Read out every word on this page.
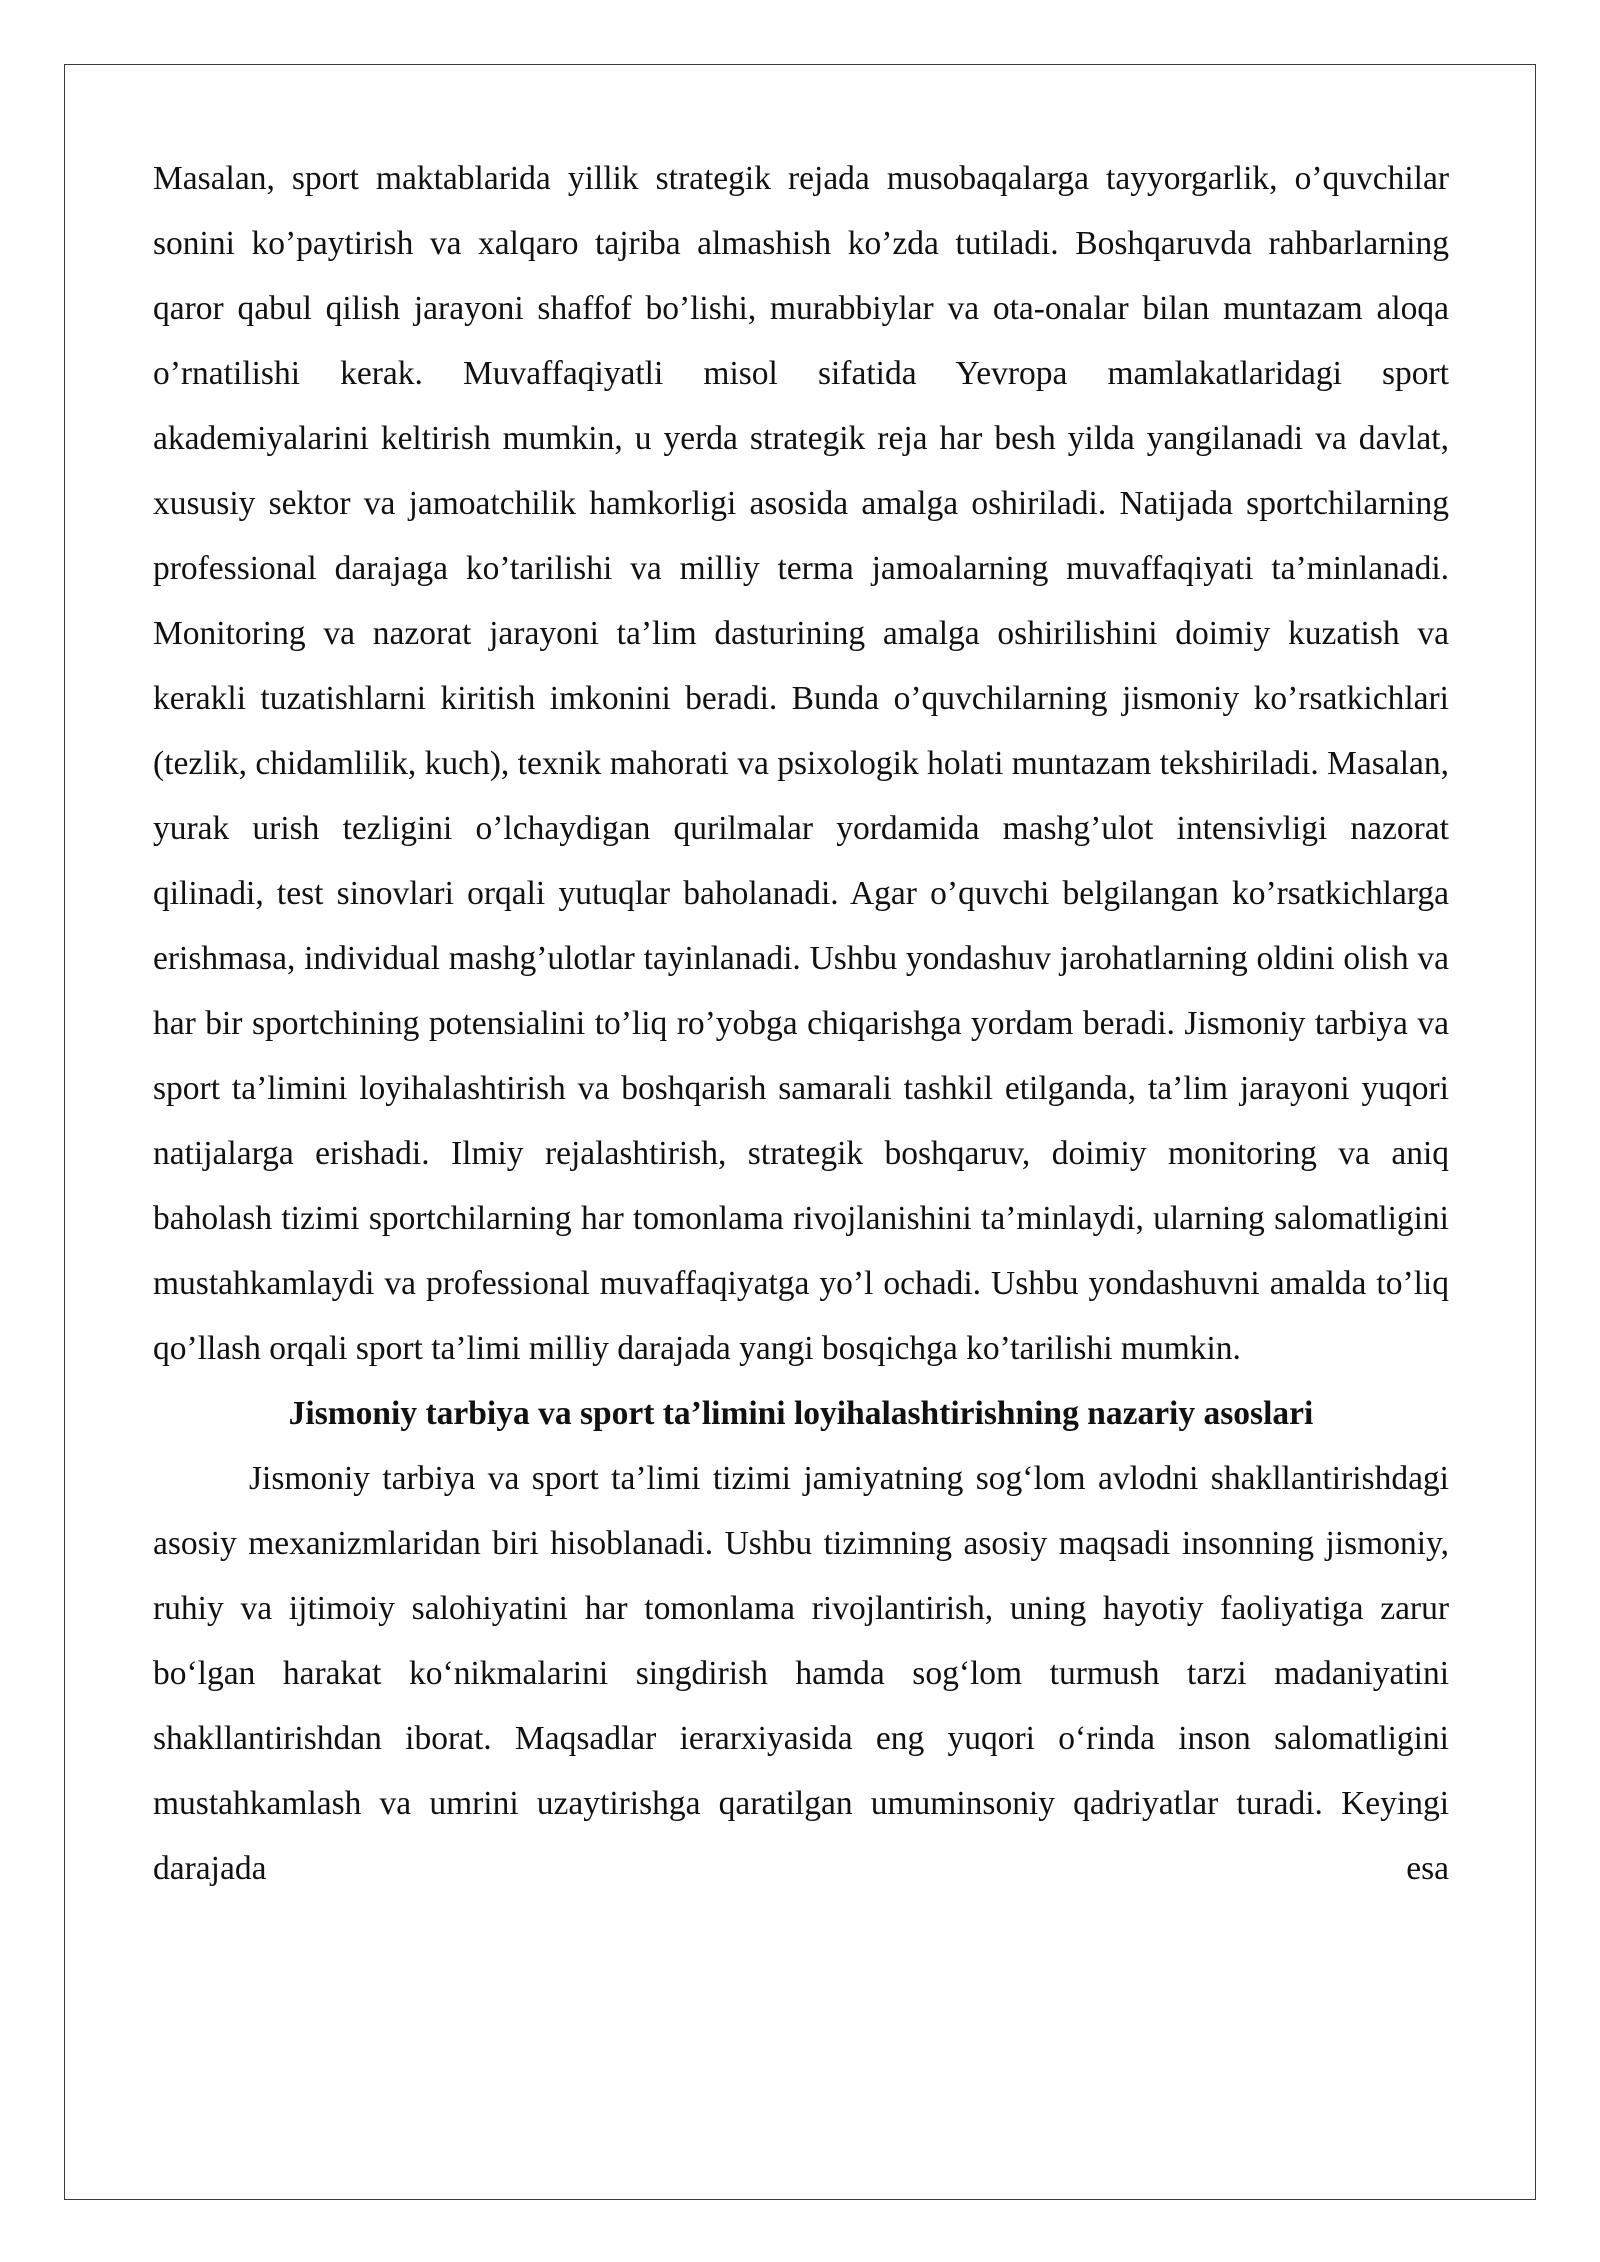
Masalan, sport maktablarida yillik strategik rejada musobaqalarga tayyorgarlik, o’quvchilar sonini ko’paytirish va xalqaro tajriba almashish ko’zda tutiladi. Boshqaruvda rahbarlarning qaror qabul qilish jarayoni shaffof bo’lishi, murabbiylar va ota-onalar bilan muntazam aloqa o’rnatilishi kerak. Muvaffaqiyatli misol sifatida Yevropa mamlakatlaridagi sport akademiyalarini keltirish mumkin, u yerda strategik reja har besh yilda yangilanadi va davlat, xususiy sektor va jamoatchilik hamkorligi asosida amalga oshiriladi. Natijada sportchilarning professional darajaga ko’tarilishi va milliy terma jamoalarning muvaffaqiyati ta’minlanadi. Monitoring va nazorat jarayoni ta’lim dasturining amalga oshirilishini doimiy kuzatish va kerakli tuzatishlarni kiritish imkonini beradi. Bunda o’quvchilarning jismoniy ko’rsatkichlari (tezlik, chidamlilik, kuch), texnik mahorati va psixologik holati muntazam tekshiriladi. Masalan, yurak urish tezligini o’lchaydigan qurilmalar yordamida mashg’ulot intensivligi nazorat qilinadi, test sinovlari orqali yutuqlar baholanadi. Agar o’quvchi belgilangan ko’rsatkichlarga erishmasa, individual mashg’ulotlar tayinlanadi. Ushbu yondashuv jarohatlarning oldini olish va har bir sportchining potensialini to’liq ro’yobga chiqarishga yordam beradi. Jismoniy tarbiya va sport ta’limini loyihalashtirish va boshqarish samarali tashkil etilganda, ta’lim jarayoni yuqori natijalarga erishadi. Ilmiy rejalashtirish, strategik boshqaruv, doimiy monitoring va aniq baholash tizimi sportchilarning har tomonlama rivojlanishini ta’minlaydi, ularning salomatligini mustahkamlaydi va professional muvaffaqiyatga yo’l ochadi. Ushbu yondashuvni amalda to’liq qo’llash orqali sport ta’limi milliy darajada yangi bosqichga ko’tarilishi mumkin.

Jismoniy tarbiya va sport ta’limini loyihalashtirishning nazariy asoslari

Jismoniy tarbiya va sport ta’limi tizimi jamiyatning sog‘lom avlodni shakllantirishdagi asosiy mexanizmlaridan biri hisoblanadi. Ushbu tizimning asosiy maqsadi insonning jismoniy, ruhiy va ijtimoiy salohiyatini har tomonlama rivojlantirish, uning hayotiy faoliyatiga zarur bo‘lgan harakat ko‘nikmalarini singdirish hamda sog‘lom turmush tarzi madaniyatini shakllantirishdan iborat. Maqsadlar ierarxiyasida eng yuqori o‘rinda inson salomatligini mustahkamlash va umrini uzaytirishga qaratilgan umuminsoniy qadriyatlar turadi. Keyingi darajada esa
